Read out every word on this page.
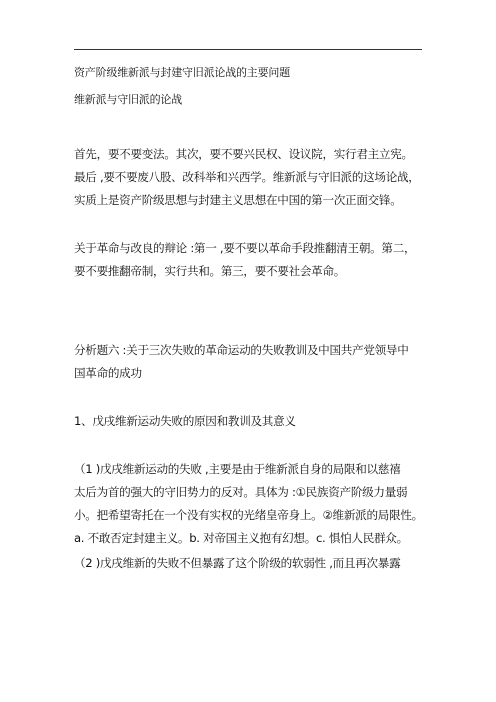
资产阶级维新派与封建守旧派论战的主要问题
维新派与守旧派的论战
首先，要不要变法。其次，要不要兴民权、设议院，实行君主立宪。
最后 ,要不要废八股、改科举和兴西学。维新派与守旧派的这场论战，
实质上是资产阶级思想与封建主义思想在中国的第一次正面交锋。
关于革命与改良的辩论 :第一 ,要不要以革命手段推翻清王朝。第二，
要不要推翻帝制，实行共和。第三，要不要社会革命。
分析题六 :关于三次失败的革命运动的失败教训及中国共产党领导中
国革命的成功
1、戊戌维新运动失败的原因和教训及其意义
（1 )戊戌维新运动的失败 ,主要是由于维新派自身的局限和以慈禧
太后为首的强大的守旧势力的反对。具体为 :①民族资产阶级力量弱
小。把希望寄托在一个没有实权的光绪皇帝身上。②维新派的局限性。
a. 不敢否定封建主义。b. 对帝国主义抱有幻想。c. 惧怕人民群众。
（2 )戊戌维新的失败不但暴露了这个阶级的软弱性 ,而且再次暴露
